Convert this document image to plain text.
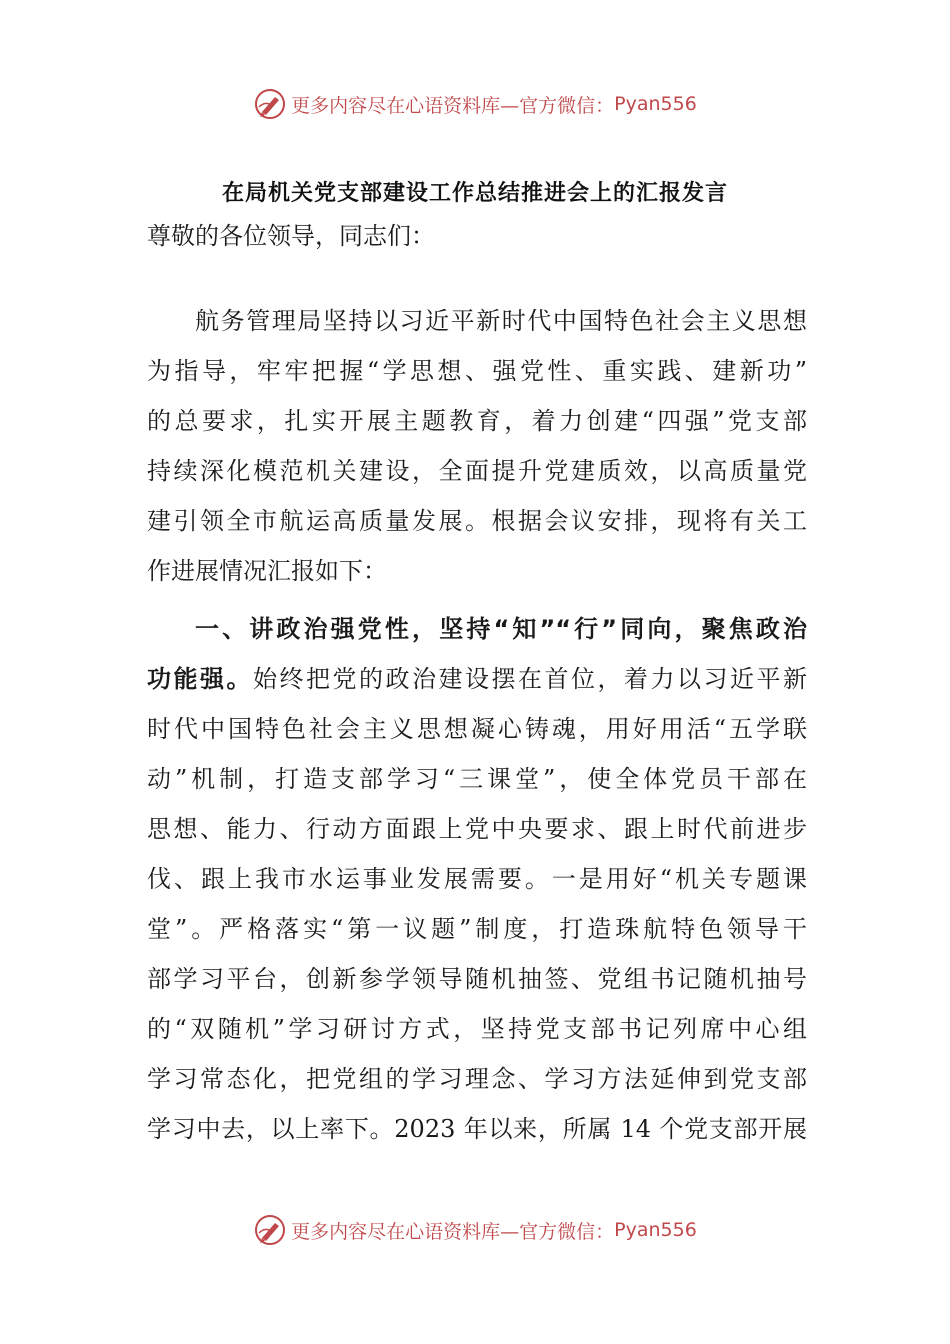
更多内容尽在心语资料库—官方微信： Pyan556
在局机关党支部建设工作总结推进会上的汇报发言
尊敬的各位领导，同志们：
航务管理局坚持以习近平新时代中国特色社会主义思想
为指导，牢牢把握“学思想、强党性、重实践、建新功”
的总要求，扎实开展主题教育，着力创建“四强”党支部
持续深化模范机关建设，全面提升党建质效，以高质量党
建引领全市航运高质量发展。根据会议安排，现将有关工
作进展情况汇报如下：
一、讲政治强党性，坚持“知”“行”同向，聚焦政治
功能强。始终把党的政治建设摆在首位，着力以习近平新
时代中国特色社会主义思想凝心铸魂，用好用活“五学联
动”机制，打造支部学习“三课堂”，使全体党员干部在
思想、能力、行动方面跟上党中央要求、跟上时代前进步
伐、跟上我市水运事业发展需要。一是用好“机关专题课
堂”。严格落实“第一议题”制度，打造珠航特色领导干
部学习平台，创新参学领导随机抽签、党组书记随机抽号
的“双随机”学习研讨方式，坚持党支部书记列席中心组
学习常态化，把党组的学习理念、学习方法延伸到党支部
学习中去，以上率下。2023 年以来，所属 14 个党支部开展
更多内容尽在心语资料库—官方微信： Pyan556
